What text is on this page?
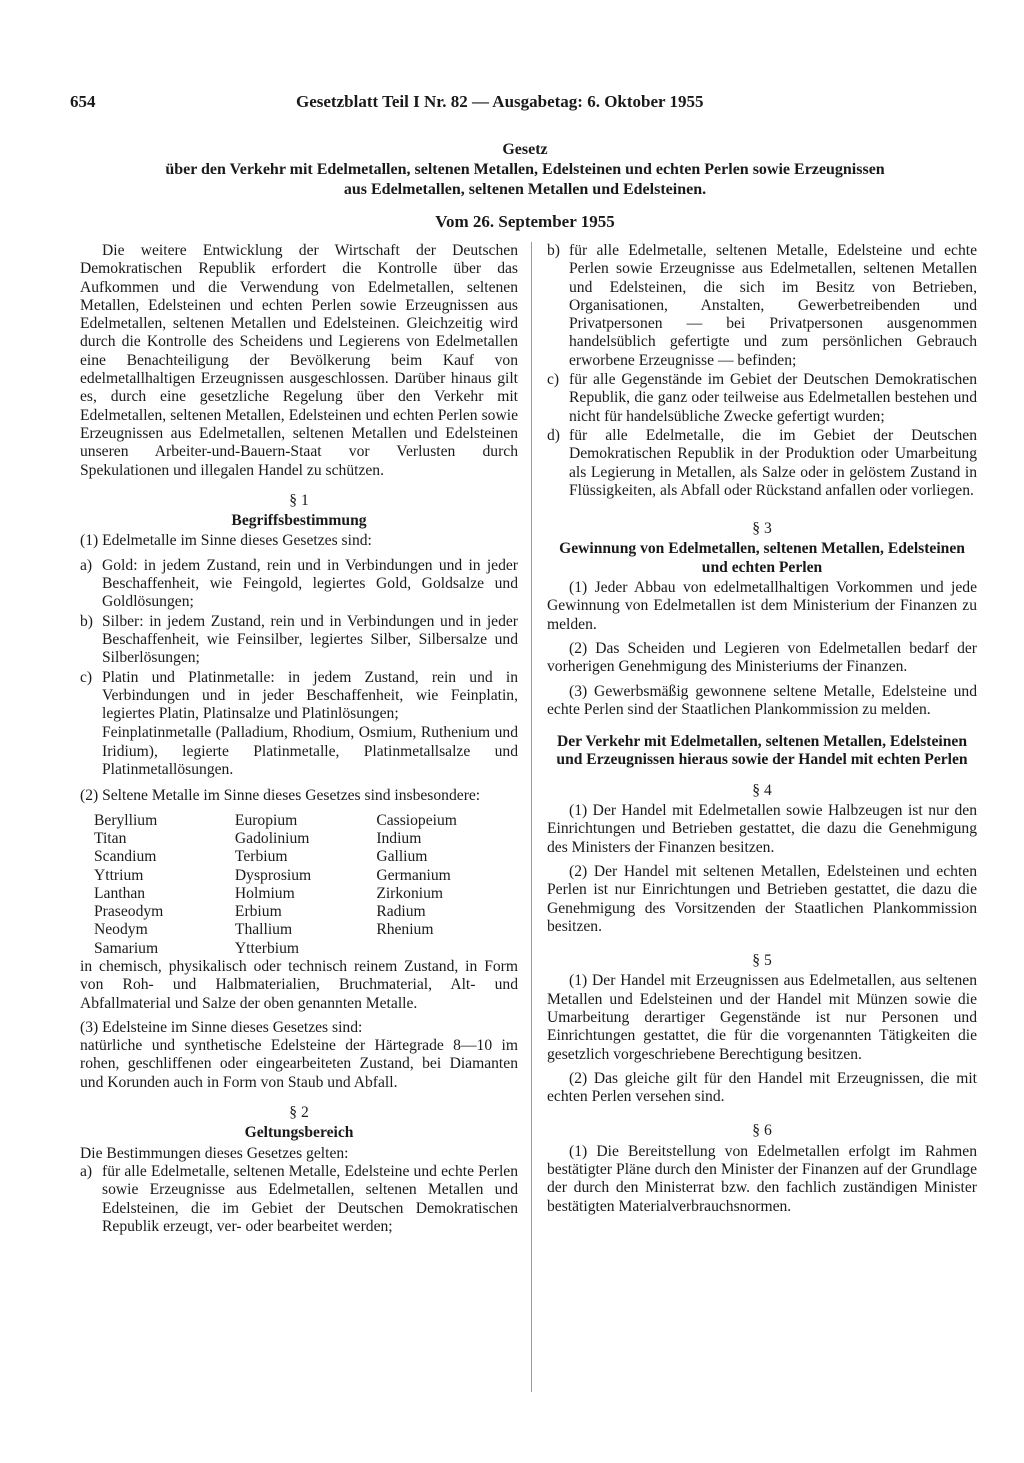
654	Gesetzblatt Teil I Nr. 82 — Ausgabetag: 6. Oktober 1955
Gesetz
über den Verkehr mit Edelmetallen, seltenen Metallen, Edelsteinen und echten Perlen sowie Erzeugnissen
aus Edelmetallen, seltenen Metallen und Edelsteinen.
Vom 26. September 1955

Die weitere Entwicklung der Wirtschaft der Deutschen Demokratischen Republik erfordert die Kontrolle über das Aufkommen und die Verwendung von Edelmetallen, seltenen Metallen, Edelsteinen und echten Perlen sowie Erzeugnissen aus Edelmetallen, seltenen Metallen und Edelsteinen. Gleichzeitig wird durch die Kontrolle des Scheidens und Legierens von Edelmetallen eine Benachteiligung der Bevölkerung beim Kauf von edelmetallhaltigen Erzeugnissen ausgeschlossen. Darüber hinaus gilt es, durch eine gesetzliche Regelung über den Verkehr mit Edelmetallen, seltenen Metallen, Edelsteinen und echten Perlen sowie Erzeugnissen aus Edelmetallen, seltenen Metallen und Edelsteinen unseren Arbeiter-und-Bauern-Staat vor Verlusten durch Spekulationen und illegalen Handel zu schützen.

§ 1
Begriffsbestimmung

(1) Edelmetalle im Sinne dieses Gesetzes sind:

a) Gold: in jedem Zustand, rein und in Verbindungen und in jeder Beschaffenheit, wie Feingold, legiertes Gold, Goldsalze und Goldlösungen;
b) Silber: in jedem Zustand, rein und in Verbindungen und in jeder Beschaffenheit, wie Feinsilber, legiertes Silber, Silbersalze und Silberlösungen;
c) Platin und Platinmetalle: in jedem Zustand, rein und in Verbindungen und in jeder Beschaffenheit, wie Feinplatin, legiertes Platin, Platinsalze und Platinlösungen;

Feinplatinmetalle (Palladium, Rhodium, Osmium, Ruthenium und Iridium), legierte Platinmetalle, Platinmetallsalze und Platinmetallösungen.

(2) Seltene Metalle im Sinne dieses Gesetzes sind insbesondere:

Beryllium	Europium	Cassiopeium
Titan	Gadolinium	Indium
Scandium	Terbium	Gallium
Yttrium	Dysprosium	Germanium
Lanthan	Holmium	Zirkonium
Praseodym	Erbium	Radium
Neodym	Thallium	Rhenium
Samarium	Ytterbium	

in chemisch, physikalisch oder technisch reinem Zustand, in Form von Roh- und Halbmaterialien, Bruchmaterial, Alt- und Abfallmaterial und Salze der oben genannten Metalle.

(3) Edelsteine im Sinne dieses Gesetzes sind:

natürliche und synthetische Edelsteine der Härtegrade 8—10 im rohen, geschliffenen oder eingearbeiteten Zustand, bei Diamanten und Korunden auch in Form von Staub und Abfall.

§ 2
Geltungsbereich

Die Bestimmungen dieses Gesetzes gelten:

a) für alle Edelmetalle, seltenen Metalle, Edelsteine und echte Perlen sowie Erzeugnisse aus Edelmetallen, seltenen Metallen und Edelsteinen, die im Gebiet der Deutschen Demokratischen Republik erzeugt, ver- oder bearbeitet werden;
b) für alle Edelmetalle, seltenen Metalle, Edelsteine und echte Perlen sowie Erzeugnisse aus Edelmetallen, seltenen Metallen und Edelsteinen, die sich im Besitz von Betrieben, Organisationen, Anstalten, Gewerbetreibenden und Privatpersonen — bei Privatpersonen ausgenommen handelsüblich gefertigte und zum persönlichen Gebrauch erworbene Erzeugnisse — befinden;
c) für alle Gegenstände im Gebiet der Deutschen Demokratischen Republik, die ganz oder teilweise aus Edelmetallen bestehen und nicht für handelsübliche Zwecke gefertigt wurden;
d) für alle Edelmetalle, die im Gebiet der Deutschen Demokratischen Republik in der Produktion oder Umarbeitung als Legierung in Metallen, als Salze oder in gelöstem Zustand in Flüssigkeiten, als Abfall oder Rückstand anfallen oder vorliegen.
§ 3
Gewinnung von Edelmetallen, seltenen Metallen, Edelsteinen und echten Perlen

(1) Jeder Abbau von edelmetallhaltigen Vorkommen und jede Gewinnung von Edelmetallen ist dem Ministerium der Finanzen zu melden.

(2) Das Scheiden und Legieren von Edelmetallen bedarf der vorherigen Genehmigung des Ministeriums der Finanzen.

(3) Gewerbsmäßig gewonnene seltene Metalle, Edelsteine und echte Perlen sind der Staatlichen Plankommission zu melden.

Der Verkehr mit Edelmetallen, seltenen Metallen, Edelsteinen und Erzeugnissen hieraus sowie der Handel mit echten Perlen
§ 4

(1) Der Handel mit Edelmetallen sowie Halbzeugen ist nur den Einrichtungen und Betrieben gestattet, die dazu die Genehmigung des Ministers der Finanzen besitzen.

(2) Der Handel mit seltenen Metallen, Edelsteinen und echten Perlen ist nur Einrichtungen und Betrieben gestattet, die dazu die Genehmigung des Vorsitzenden der Staatlichen Plankommission besitzen.

§ 5

(1) Der Handel mit Erzeugnissen aus Edelmetallen, aus seltenen Metallen und Edelsteinen und der Handel mit Münzen sowie die Umarbeitung derartiger Gegenstände ist nur Personen und Einrichtungen gestattet, die für die vorgenannten Tätigkeiten die gesetzlich vorgeschriebene Berechtigung besitzen.

(2) Das gleiche gilt für den Handel mit Erzeugnissen, die mit echten Perlen versehen sind.

§ 6

(1) Die Bereitstellung von Edelmetallen erfolgt im Rahmen bestätigter Pläne durch den Minister der Finanzen auf der Grundlage der durch den Ministerrat bzw. den fachlich zuständigen Minister bestätigten Materialverbrauchsnormen.
